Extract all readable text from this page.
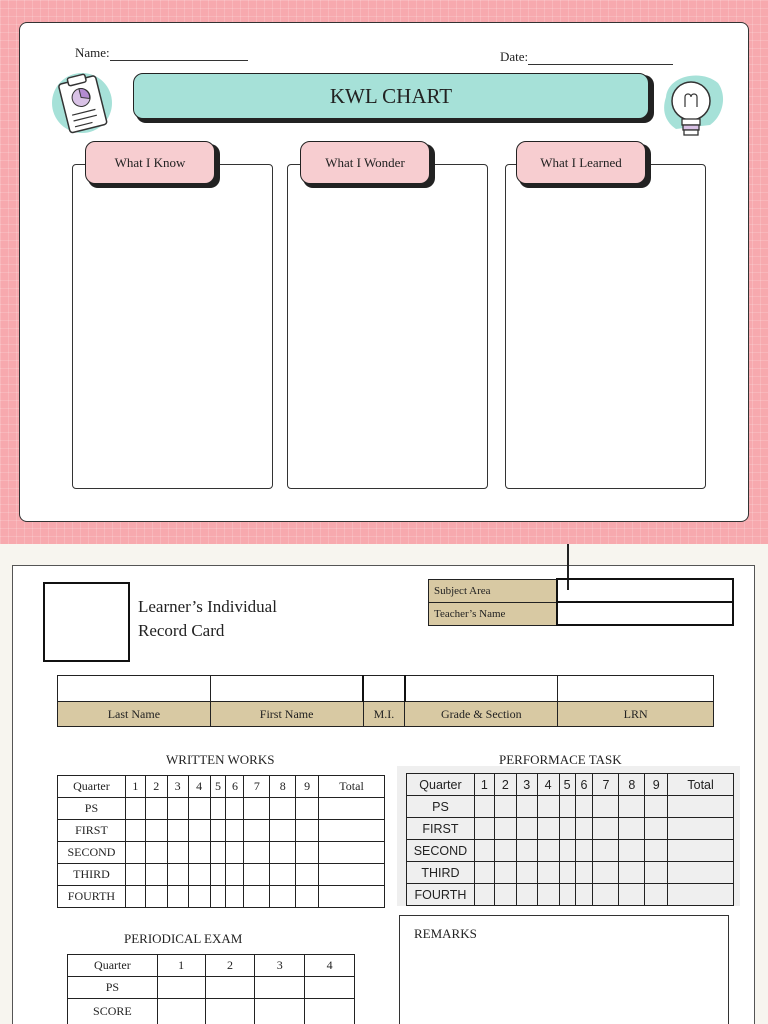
Name:	Date:
KWL CHART
What I Know	What I Wonder	What I Learned
Learner’s Individual
Record Card
Subject Area	
Teacher’s Name	

Last Name	First Name	M.I.	Grade & Section	LRN
WRITTEN WORKS
Quarter	1	2	3	4	5	6	7	8	9	Total
PS										
FIRST										
SECOND										
THIRD										
FOURTH										
PERFORMACE TASK
Quarter	1	2	3	4	5	6	7	8	9	Total
PS										
FIRST										
SECOND										
THIRD										
FOURTH										
PERIODICAL EXAM
Quarter	1	2	3	4
PS				
SCORE				
REMARKS
